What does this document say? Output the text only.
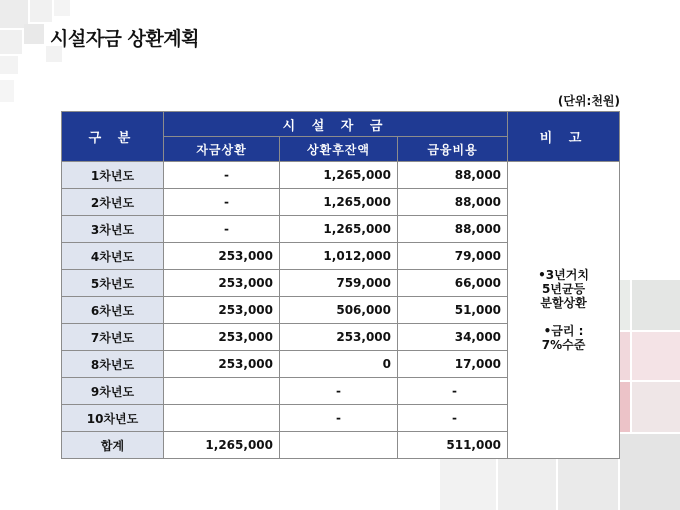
시설자금 상환계획
(단위:천원)
구 분	시 설 자 금			비 고
	자금상환	상환후잔액	금융비용	
1차년도	-	1,265,000	88,000	•3년거치
5년균등
분할상환
•금리 :
7%수준

2차년도	-	1,265,000	88,000	
3차년도	-	1,265,000	88,000	
4차년도	253,000	1,012,000	79,000	
5차년도	253,000	759,000	66,000	
6차년도	253,000	506,000	51,000	
7차년도	253,000	253,000	34,000	
8차년도	253,000	0	17,000	
9차년도		-	-	
10차년도		-	-	
합계	1,265,000		511,000	
